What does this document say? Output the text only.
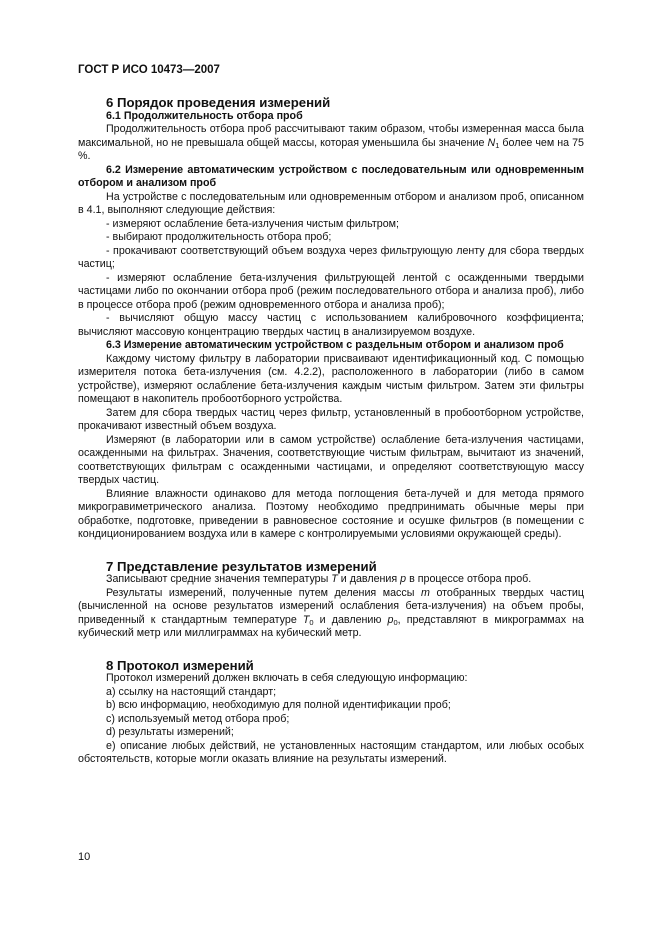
ГОСТ Р ИСО 10473—2007

6 Порядок проведения измерений

6.1 Продолжительность отбора проб

Продолжительность отбора проб рассчитывают таким образом, чтобы измеренная масса была максимальной, но не превышала общей массы, которая уменьшила бы значение $N_1$ более чем на 75 %.

6.2 Измерение автоматическим устройством с последовательным или одновременным отбором и анализом проб

На устройстве с последовательным или одновременным отбором и анализом проб, описанном в 4.1, выполняют следующие действия:

- измеряют ослабление бета-излучения чистым фильтром;

- выбирают продолжительность отбора проб;

- прокачивают соответствующий объем воздуха через фильтрующую ленту для сбора твердых частиц;

- измеряют ослабление бета-излучения фильтрующей лентой с осажденными твердыми частицами либо по окончании отбора проб (режим последовательного отбора и анализа проб), либо в процессе отбора проб (режим одновременного отбора и анализа проб);

- вычисляют общую массу частиц с использованием калибровочного коэффициента; вычисляют массовую концентрацию твердых частиц в анализируемом воздухе.

6.3 Измерение автоматическим устройством с раздельным отбором и анализом проб

Каждому чистому фильтру в лаборатории присваивают идентификационный код. С помощью измерителя потока бета-излучения (см. 4.2.2), расположенного в лаборатории (либо в самом устройстве), измеряют ослабление бета-излучения каждым чистым фильтром. Затем эти фильтры помещают в накопитель пробоотборного устройства.

Затем для сбора твердых частиц через фильтр, установленный в пробоотборном устройстве, прокачивают известный объем воздуха.

Измеряют (в лаборатории или в самом устройстве) ослабление бета-излучения частицами, осажденными на фильтрах. Значения, соответствующие чистым фильтрам, вычитают из значений, соответствующих фильтрам с осажденными частицами, и определяют соответствующую массу твердых частиц.

Влияние влажности одинаково для метода поглощения бета-лучей и для метода прямого микрогравиметрического анализа. Поэтому необходимо предпринимать обычные меры при обработке, подготовке, приведении в равновесное состояние и осушке фильтров (в помещении с кондиционированием воздуха или в камере с контролируемыми условиями окружающей среды).

7 Представление результатов измерений

Записывают средние значения температуры T и давления p в процессе отбора проб.

Результаты измерений, полученные путем деления массы m отобранных твердых частиц (вычисленной на основе результатов измерений ослабления бета-излучения) на объем пробы, приведенный к стандартным температуре $T_0$ и давлению $p_0$, представляют в микрограммах на кубический метр или миллиграммах на кубический метр.

8 Протокол измерений

Протокол измерений должен включать в себя следующую информацию:

a) ссылку на настоящий стандарт;

b) всю информацию, необходимую для полной идентификации проб;

c) используемый метод отбора проб;

d) результаты измерений;

e) описание любых действий, не установленных настоящим стандартом, или любых особых обстоятельств, которые могли оказать влияние на результаты измерений.

10
